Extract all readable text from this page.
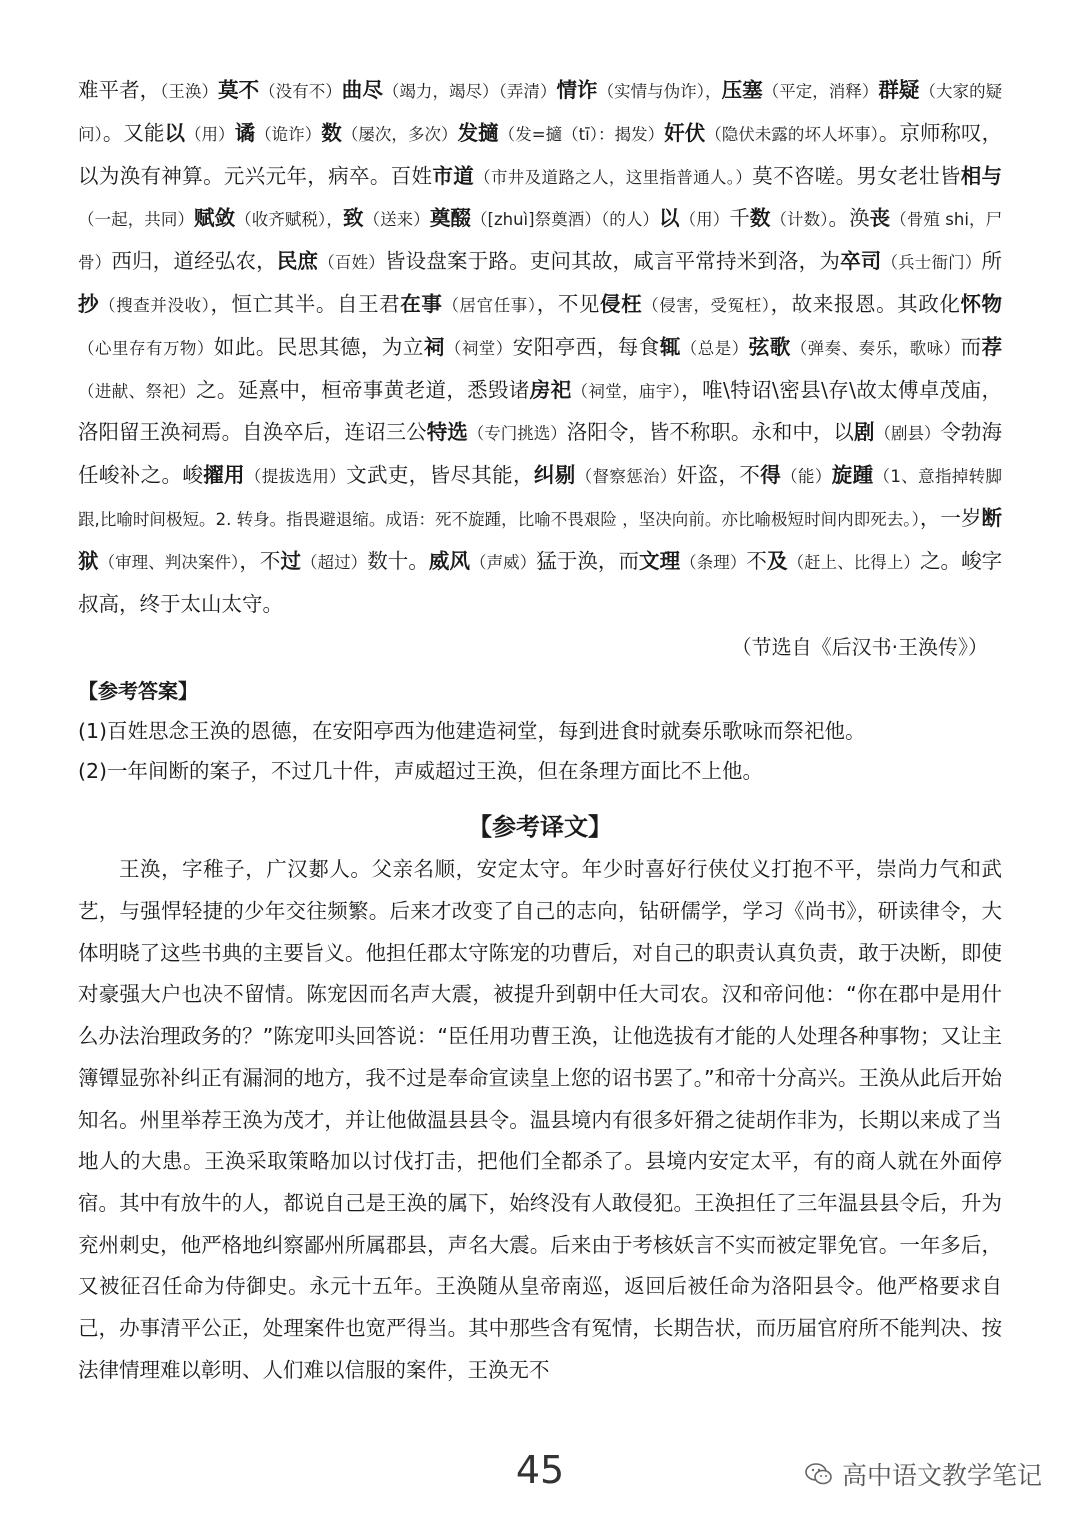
难平者，（王涣）莫不（没有不）曲尽（竭力，竭尽）（弄清）情诈（实情与伪诈），压塞（平定，消释）群疑（大家的疑问）。又能以（用）谲（诡诈）数（屡次，多次）发擿（发=擿（tī）：揭发）奸伏（隐伏未露的坏人坏事）。京师称叹，以为涣有神算。元兴元年，病卒。百姓市道（市井及道路之人，这里指普通人。）莫不咨嗟。男女老壮皆相与（一起，共同）赋敛（收齐赋税），致（送来）奠醊（[zhuì]祭奠酒）（的人）以（用）千数（计数）。涣丧（骨殖 shi，尸骨）西归，道经弘农，民庶（百姓）皆设盘案于路。吏问其故，咸言平常持米到洛，为卒司（兵士衙门）所抄（搜查并没收），恒亡其半。自王君在事（居官任事），不见侵枉（侵害，受冤枉），故来报恩。其政化怀物（心里存有万物）如此。民思其德，为立祠（祠堂）安阳亭西，每食辄（总是）弦歌（弹奏、奏乐，歌咏）而荐（进献、祭祀）之。延熹中，桓帝事黄老道，悉毁诸房祀（祠堂，庙宇），唯\特诏\密县\存\故太傅卓茂庙，洛阳留王涣祠焉。自涣卒后，连诏三公特选（专门挑选）洛阳令，皆不称职。永和中，以剧（剧县）令勃海任峻补之。峻擢用（提拔选用）文武吏，皆尽其能，纠剔（督察惩治）奸盗，不得（能）旋踵（1、意指掉转脚跟,比喻时间极短。2. 转身。指畏避退缩。成语：死不旋踵，比喻不畏艰险 ，坚决向前。亦比喻极短时间内即死去。），一岁断狱（审理、判决案件），不过（超过）数十。威风（声威）猛于涣，而文理（条理）不及（赶上、比得上）之。峻字叔高，终于太山太守。
（节选自《后汉书·王涣传》）
【参考答案】
(1)百姓思念王涣的恩德，在安阳亭西为他建造祠堂，每到进食时就奏乐歌咏而祭祀他。
(2)一年间断的案子，不过几十件，声威超过王涣，但在条理方面比不上他。
【参考译文】
王涣，字稚子，广汉郪人。父亲名顺，安定太守。年少时喜好行侠仗义打抱不平，崇尚力气和武艺，与强悍轻捷的少年交往频繁。后来才改变了自己的志向，钻研儒学，学习《尚书》，研读律令，大体明晓了这些书典的主要旨义。他担任郡太守陈宠的功曹后，对自己的职责认真负责，敢于决断，即使对豪强大户也决不留情。陈宠因而名声大震，被提升到朝中任大司农。汉和帝问他：“你在郡中是用什么办法治理政务的？”陈宠叩头回答说：“臣任用功曹王涣，让他选拔有才能的人处理各种事物；又让主簿镡显弥补纠正有漏洞的地方，我不过是奉命宣读皇上您的诏书罢了。”和帝十分高兴。王涣从此后开始知名。州里举荐王涣为茂才，并让他做温县县令。温县境内有很多奸猾之徒胡作非为，长期以来成了当地人的大患。王涣采取策略加以讨伐打击，把他们全都杀了。县境内安定太平，有的商人就在外面停宿。其中有放牛的人，都说自己是王涣的属下，始终没有人敢侵犯。王涣担任了三年温县县令后，升为兖州刺史，他严格地纠察鄙州所属郡县，声名大震。后来由于考核妖言不实而被定罪免官。一年多后，又被征召任命为侍御史。永元十五年。王涣随从皇帝南巡，返回后被任命为洛阳县令。他严格要求自己，办事清平公正，处理案件也宽严得当。其中那些含有冤情，长期告状，而历届官府所不能判决、按法律情理难以彰明、人们难以信服的案件，王涣无不
45	高中语文教学笔记
